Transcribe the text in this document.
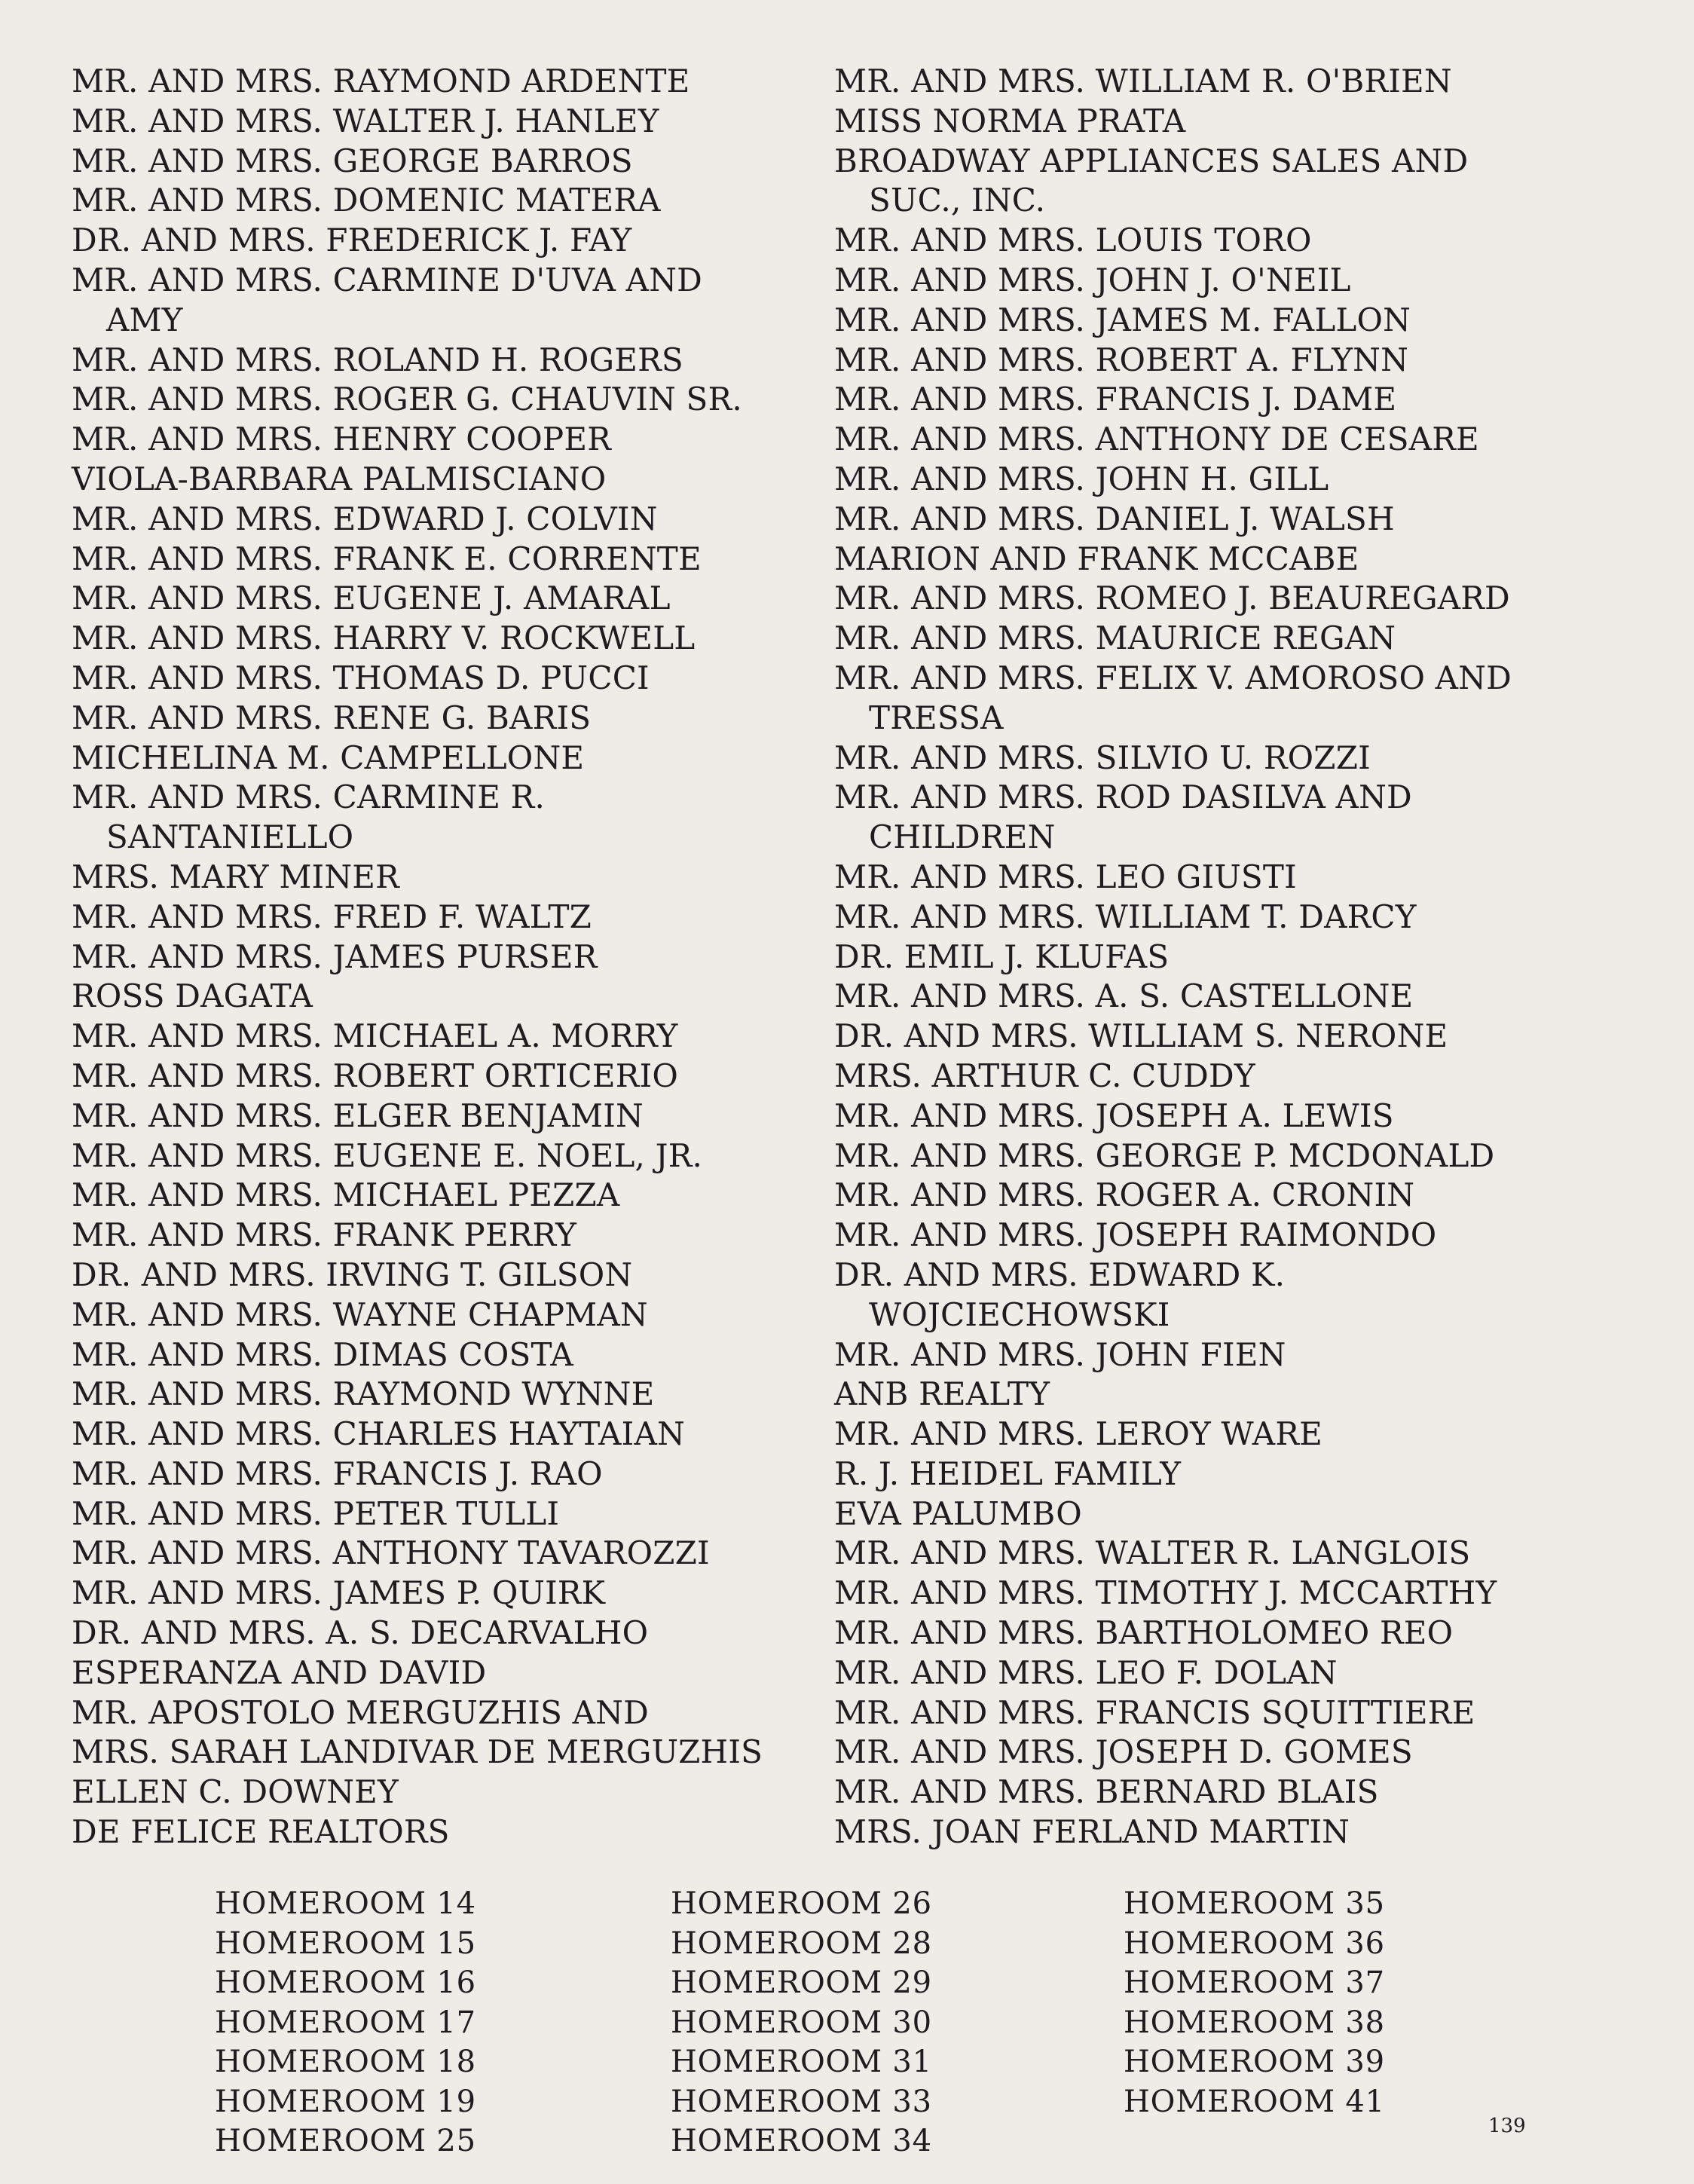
MR. AND MRS. RAYMOND ARDENTE
MR. AND MRS. WALTER J. HANLEY
MR. AND MRS. GEORGE BARROS
MR. AND MRS. DOMENIC MATERA
DR. AND MRS. FREDERICK J. FAY
MR. AND MRS. CARMINE D'UVA AND
AMY
MR. AND MRS. ROLAND H. ROGERS
MR. AND MRS. ROGER G. CHAUVIN SR.
MR. AND MRS. HENRY COOPER
VIOLA-BARBARA PALMISCIANO
MR. AND MRS. EDWARD J. COLVIN
MR. AND MRS. FRANK E. CORRENTE
MR. AND MRS. EUGENE J. AMARAL
MR. AND MRS. HARRY V. ROCKWELL
MR. AND MRS. THOMAS D. PUCCI
MR. AND MRS. RENE G. BARIS
MICHELINA M. CAMPELLONE
MR. AND MRS. CARMINE R.
SANTANIELLO
MRS. MARY MINER
MR. AND MRS. FRED F. WALTZ
MR. AND MRS. JAMES PURSER
ROSS DAGATA
MR. AND MRS. MICHAEL A. MORRY
MR. AND MRS. ROBERT ORTICERIO
MR. AND MRS. ELGER BENJAMIN
MR. AND MRS. EUGENE E. NOEL, JR.
MR. AND MRS. MICHAEL PEZZA
MR. AND MRS. FRANK PERRY
DR. AND MRS. IRVING T. GILSON
MR. AND MRS. WAYNE CHAPMAN
MR. AND MRS. DIMAS COSTA
MR. AND MRS. RAYMOND WYNNE
MR. AND MRS. CHARLES HAYTAIAN
MR. AND MRS. FRANCIS J. RAO
MR. AND MRS. PETER TULLI
MR. AND MRS. ANTHONY TAVAROZZI
MR. AND MRS. JAMES P. QUIRK
DR. AND MRS. A. S. DECARVALHO
ESPERANZA AND DAVID
MR. APOSTOLO MERGUZHIS AND
MRS. SARAH LANDIVAR DE MERGUZHIS
ELLEN C. DOWNEY
DE FELICE REALTORS
MR. AND MRS. WILLIAM R. O'BRIEN
MISS NORMA PRATA
BROADWAY APPLIANCES SALES AND
SUC., INC.
MR. AND MRS. LOUIS TORO
MR. AND MRS. JOHN J. O'NEIL
MR. AND MRS. JAMES M. FALLON
MR. AND MRS. ROBERT A. FLYNN
MR. AND MRS. FRANCIS J. DAME
MR. AND MRS. ANTHONY DE CESARE
MR. AND MRS. JOHN H. GILL
MR. AND MRS. DANIEL J. WALSH
MARION AND FRANK MCCABE
MR. AND MRS. ROMEO J. BEAUREGARD
MR. AND MRS. MAURICE REGAN
MR. AND MRS. FELIX V. AMOROSO AND
TRESSA
MR. AND MRS. SILVIO U. ROZZI
MR. AND MRS. ROD DASILVA AND
CHILDREN
MR. AND MRS. LEO GIUSTI
MR. AND MRS. WILLIAM T. DARCY
DR. EMIL J. KLUFAS
MR. AND MRS. A. S. CASTELLONE
DR. AND MRS. WILLIAM S. NERONE
MRS. ARTHUR C. CUDDY
MR. AND MRS. JOSEPH A. LEWIS
MR. AND MRS. GEORGE P. MCDONALD
MR. AND MRS. ROGER A. CRONIN
MR. AND MRS. JOSEPH RAIMONDO
DR. AND MRS. EDWARD K.
WOJCIECHOWSKI
MR. AND MRS. JOHN FIEN
ANB REALTY
MR. AND MRS. LEROY WARE
R. J. HEIDEL FAMILY
EVA PALUMBO
MR. AND MRS. WALTER R. LANGLOIS
MR. AND MRS. TIMOTHY J. MCCARTHY
MR. AND MRS. BARTHOLOMEO REO
MR. AND MRS. LEO F. DOLAN
MR. AND MRS. FRANCIS SQUITTIERE
MR. AND MRS. JOSEPH D. GOMES
MR. AND MRS. BERNARD BLAIS
MRS. JOAN FERLAND MARTIN
HOMEROOM 14
HOMEROOM 15
HOMEROOM 16
HOMEROOM 17
HOMEROOM 18
HOMEROOM 19
HOMEROOM 25
HOMEROOM 26
HOMEROOM 28
HOMEROOM 29
HOMEROOM 30
HOMEROOM 31
HOMEROOM 33
HOMEROOM 34
HOMEROOM 35
HOMEROOM 36
HOMEROOM 37
HOMEROOM 38
HOMEROOM 39
HOMEROOM 41
139
